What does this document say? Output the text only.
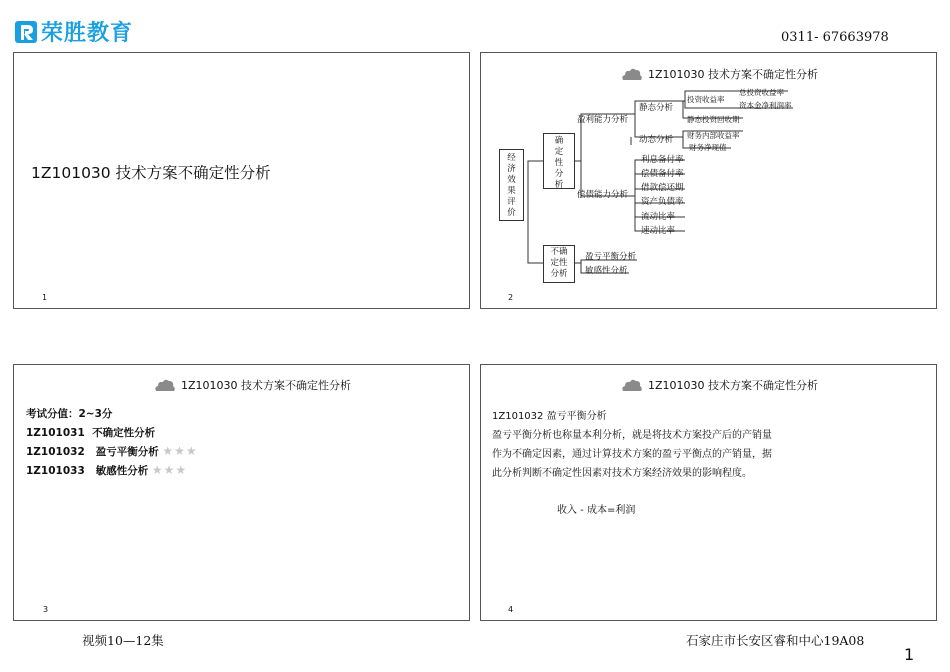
荣胜教育	0311- 67663978
1Z101030 技术方案不确定性分析
1
1Z101030 技术方案不确定性分析
经济效果评价
确定性分析
不确定性分析
盈利能力分析
静态分析
动态分析
投资收益率
总投资收益率
资本金净利润率
静态投资回收期
财务内部收益率
财务净现值
偿债能力分析
利息备付率
偿债备付率
借款偿还期
资产负债率
流动比率
速动比率
盈亏平衡分析
敏感性分析
2
1Z101030 技术方案不确定性分析
考试分值：2~3分
1Z101031 不确定性分析
1Z101032 盈亏平衡分析 ★★★
1Z101033 敏感性分析 ★★★
3
1Z101030 技术方案不确定性分析
1Z101032 盈亏平衡分析
盈亏平衡分析也称量本利分析，就是将技术方案投产后的产销量
作为不确定因素，通过计算技术方案的盈亏平衡点的产销量，据
此分析判断不确定性因素对技术方案经济效果的影响程度。
收入 - 成本=利润
4
视频10—12集	石家庄市长安区睿和中心19A08
1
